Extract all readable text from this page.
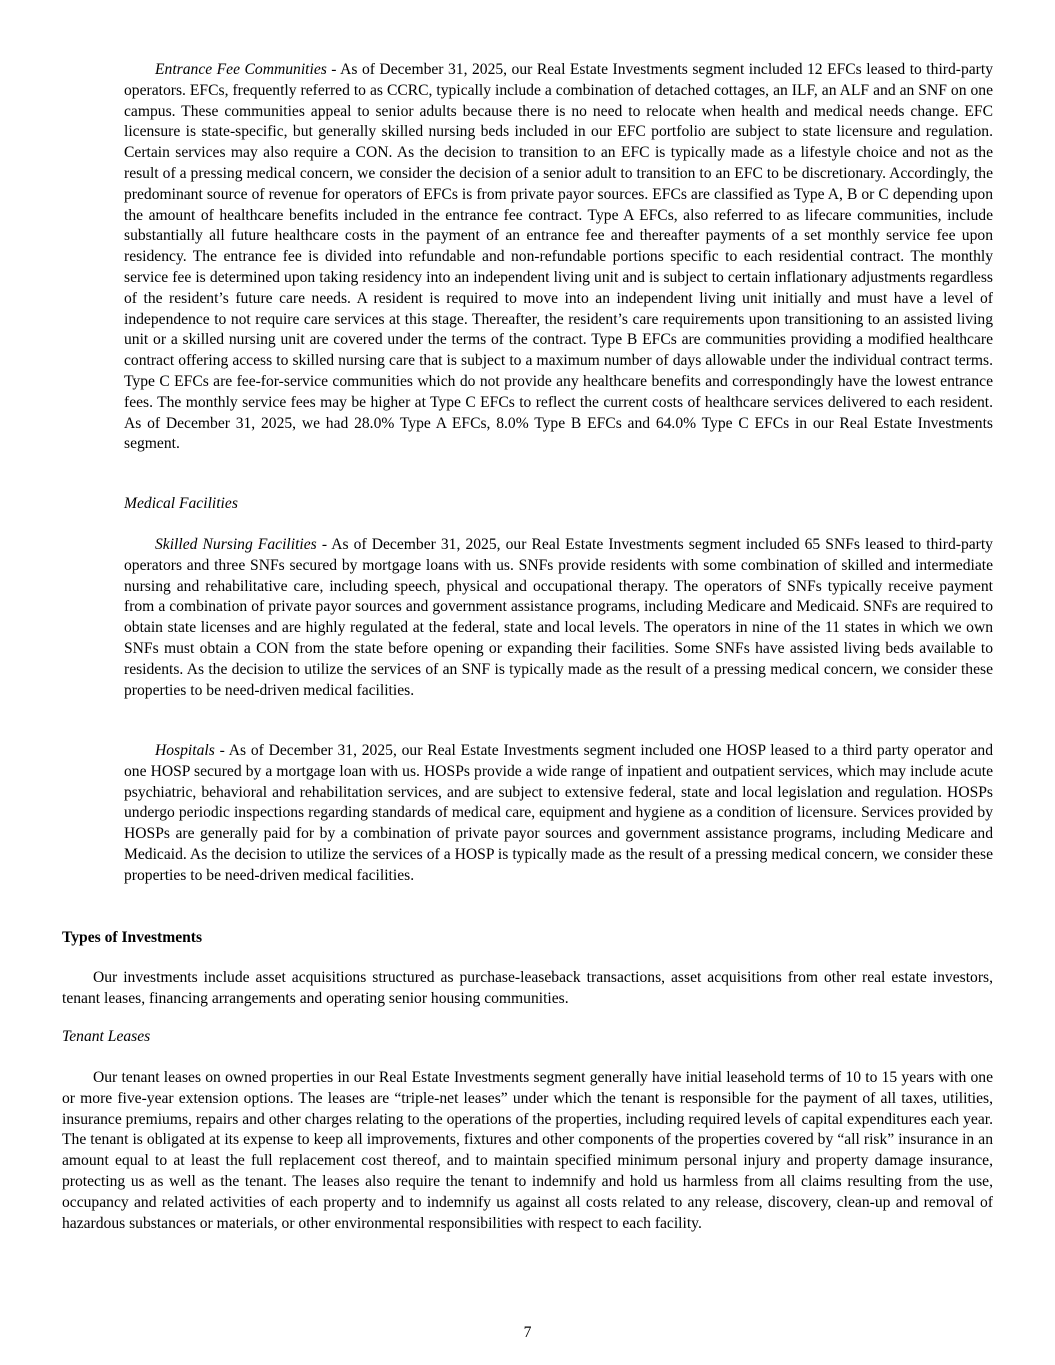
Entrance Fee Communities - As of December 31, 2025, our Real Estate Investments segment included 12 EFCs leased to third-party operators. EFCs, frequently referred to as CCRC, typically include a combination of detached cottages, an ILF, an ALF and an SNF on one campus. These communities appeal to senior adults because there is no need to relocate when health and medical needs change. EFC licensure is state-specific, but generally skilled nursing beds included in our EFC portfolio are subject to state licensure and regulation. Certain services may also require a CON. As the decision to transition to an EFC is typically made as a lifestyle choice and not as the result of a pressing medical concern, we consider the decision of a senior adult to transition to an EFC to be discretionary. Accordingly, the predominant source of revenue for operators of EFCs is from private payor sources. EFCs are classified as Type A, B or C depending upon the amount of healthcare benefits included in the entrance fee contract. Type A EFCs, also referred to as lifecare communities, include substantially all future healthcare costs in the payment of an entrance fee and thereafter payments of a set monthly service fee upon residency. The entrance fee is divided into refundable and non-refundable portions specific to each residential contract. The monthly service fee is determined upon taking residency into an independent living unit and is subject to certain inflationary adjustments regardless of the resident’s future care needs. A resident is required to move into an independent living unit initially and must have a level of independence to not require care services at this stage. Thereafter, the resident’s care requirements upon transitioning to an assisted living unit or a skilled nursing unit are covered under the terms of the contract. Type B EFCs are communities providing a modified healthcare contract offering access to skilled nursing care that is subject to a maximum number of days allowable under the individual contract terms. Type C EFCs are fee-for-service communities which do not provide any healthcare benefits and correspondingly have the lowest entrance fees. The monthly service fees may be higher at Type C EFCs to reflect the current costs of healthcare services delivered to each resident. As of December 31, 2025, we had 28.0% Type A EFCs, 8.0% Type B EFCs and 64.0% Type C EFCs in our Real Estate Investments segment.

Medical Facilities

Skilled Nursing Facilities - As of December 31, 2025, our Real Estate Investments segment included 65 SNFs leased to third-party operators and three SNFs secured by mortgage loans with us. SNFs provide residents with some combination of skilled and intermediate nursing and rehabilitative care, including speech, physical and occupational therapy. The operators of SNFs typically receive payment from a combination of private payor sources and government assistance programs, including Medicare and Medicaid. SNFs are required to obtain state licenses and are highly regulated at the federal, state and local levels. The operators in nine of the 11 states in which we own SNFs must obtain a CON from the state before opening or expanding their facilities. Some SNFs have assisted living beds available to residents. As the decision to utilize the services of an SNF is typically made as the result of a pressing medical concern, we consider these properties to be need-driven medical facilities.

Hospitals - As of December 31, 2025, our Real Estate Investments segment included one HOSP leased to a third party operator and one HOSP secured by a mortgage loan with us. HOSPs provide a wide range of inpatient and outpatient services, which may include acute psychiatric, behavioral and rehabilitation services, and are subject to extensive federal, state and local legislation and regulation. HOSPs undergo periodic inspections regarding standards of medical care, equipment and hygiene as a condition of licensure. Services provided by HOSPs are generally paid for by a combination of private payor sources and government assistance programs, including Medicare and Medicaid. As the decision to utilize the services of a HOSP is typically made as the result of a pressing medical concern, we consider these properties to be need-driven medical facilities.

Types of Investments

Our investments include asset acquisitions structured as purchase-leaseback transactions, asset acquisitions from other real estate investors, tenant leases, financing arrangements and operating senior housing communities.

Tenant Leases

Our tenant leases on owned properties in our Real Estate Investments segment generally have initial leasehold terms of 10 to 15 years with one or more five-year extension options. The leases are “triple-net leases” under which the tenant is responsible for the payment of all taxes, utilities, insurance premiums, repairs and other charges relating to the operations of the properties, including required levels of capital expenditures each year. The tenant is obligated at its expense to keep all improvements, fixtures and other components of the properties covered by “all risk” insurance in an amount equal to at least the full replacement cost thereof, and to maintain specified minimum personal injury and property damage insurance, protecting us as well as the tenant. The leases also require the tenant to indemnify and hold us harmless from all claims resulting from the use, occupancy and related activities of each property and to indemnify us against all costs related to any release, discovery, clean-up and removal of hazardous substances or materials, or other environmental responsibilities with respect to each facility.

7
